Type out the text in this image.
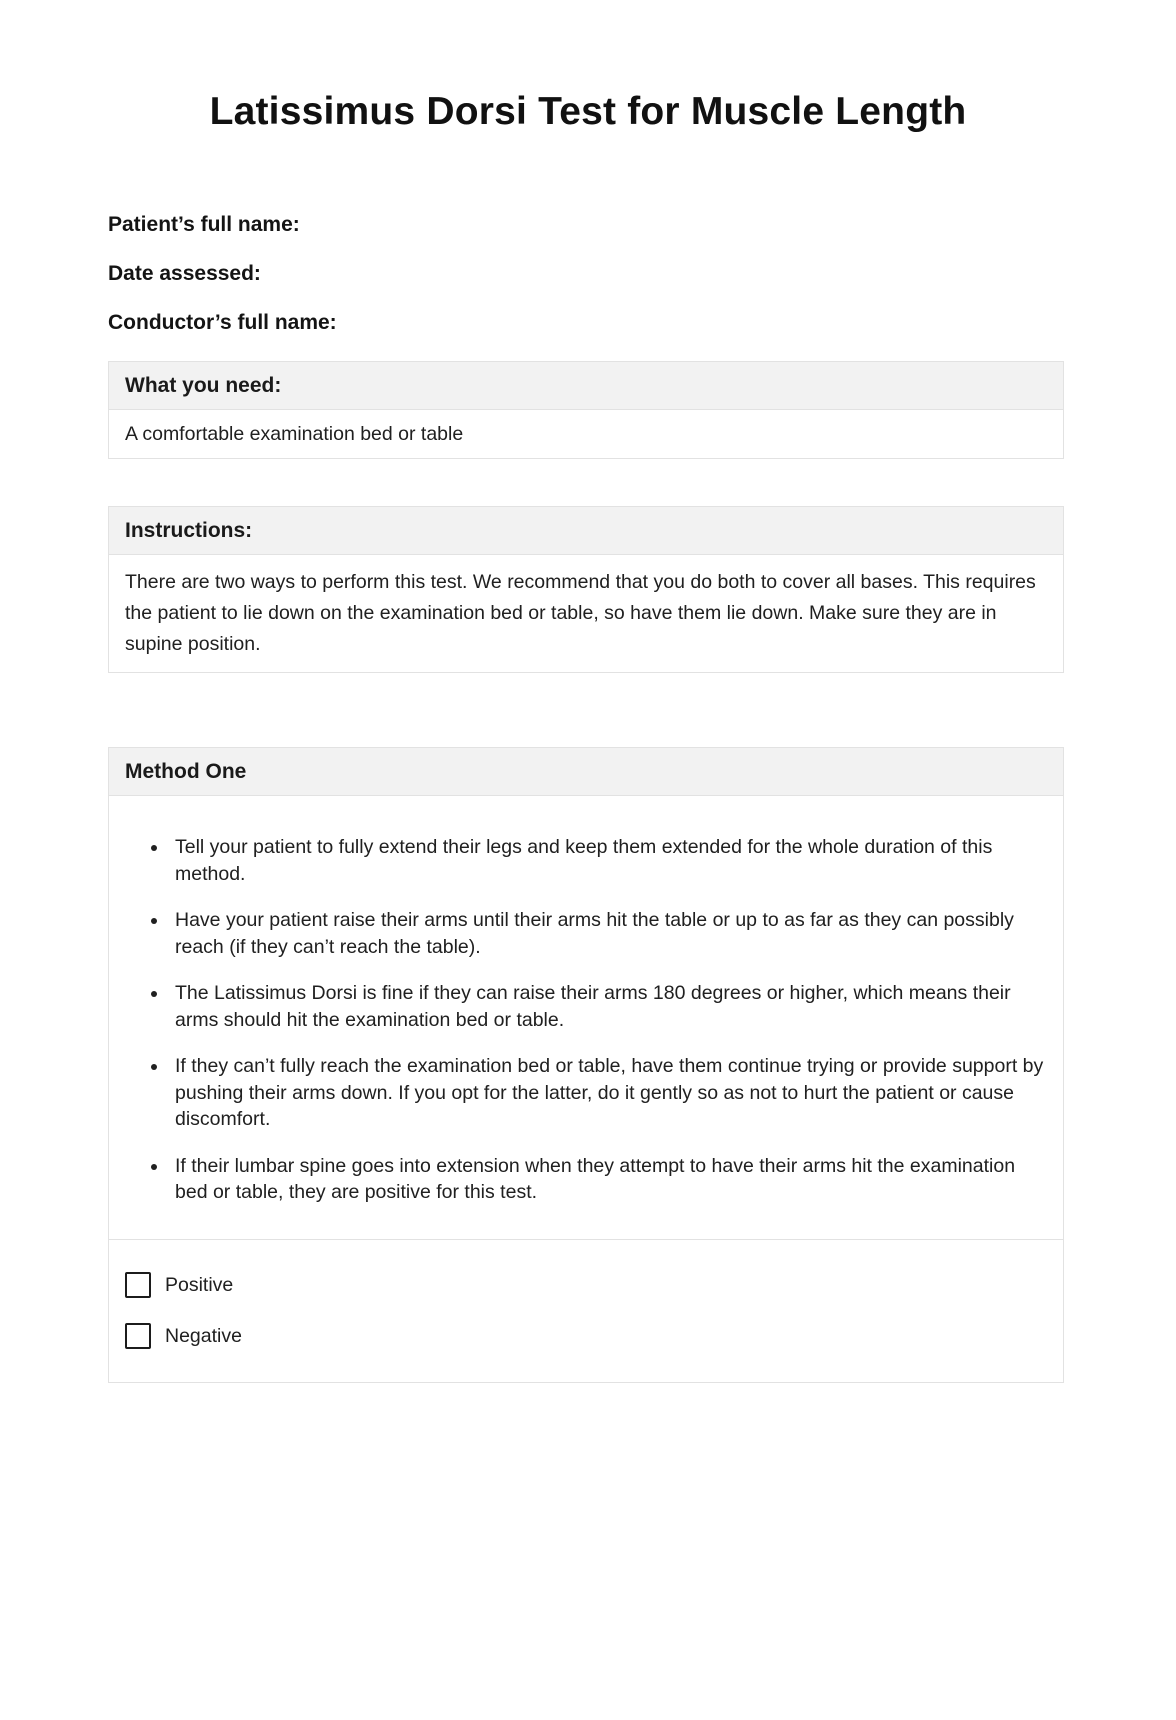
Latissimus Dorsi Test for Muscle Length

Patient’s full name:

Date assessed:

Conductor’s full name:

What you need:
A comfortable examination bed or table
Instructions:
There are two ways to perform this test. We recommend that you do both to cover all bases. This requires the patient to lie down on the examination bed or table, so have them lie down. Make sure they are in supine position.
Method One
• Tell your patient to fully extend their legs and keep them extended for the whole duration of this method.
• Have your patient raise their arms until their arms hit the table or up to as far as they can possibly reach (if they can’t reach the table).
• The Latissimus Dorsi is fine if they can raise their arms 180 degrees or higher, which means their arms should hit the examination bed or table.
• If they can’t fully reach the examination bed or table, have them continue trying or provide support by pushing their arms down. If you opt for the latter, do it gently so as not to hurt the patient or cause discomfort.
• If their lumbar spine goes into extension when they attempt to have their arms hit the examination bed or table, they are positive for this test.
Positive
Negative
